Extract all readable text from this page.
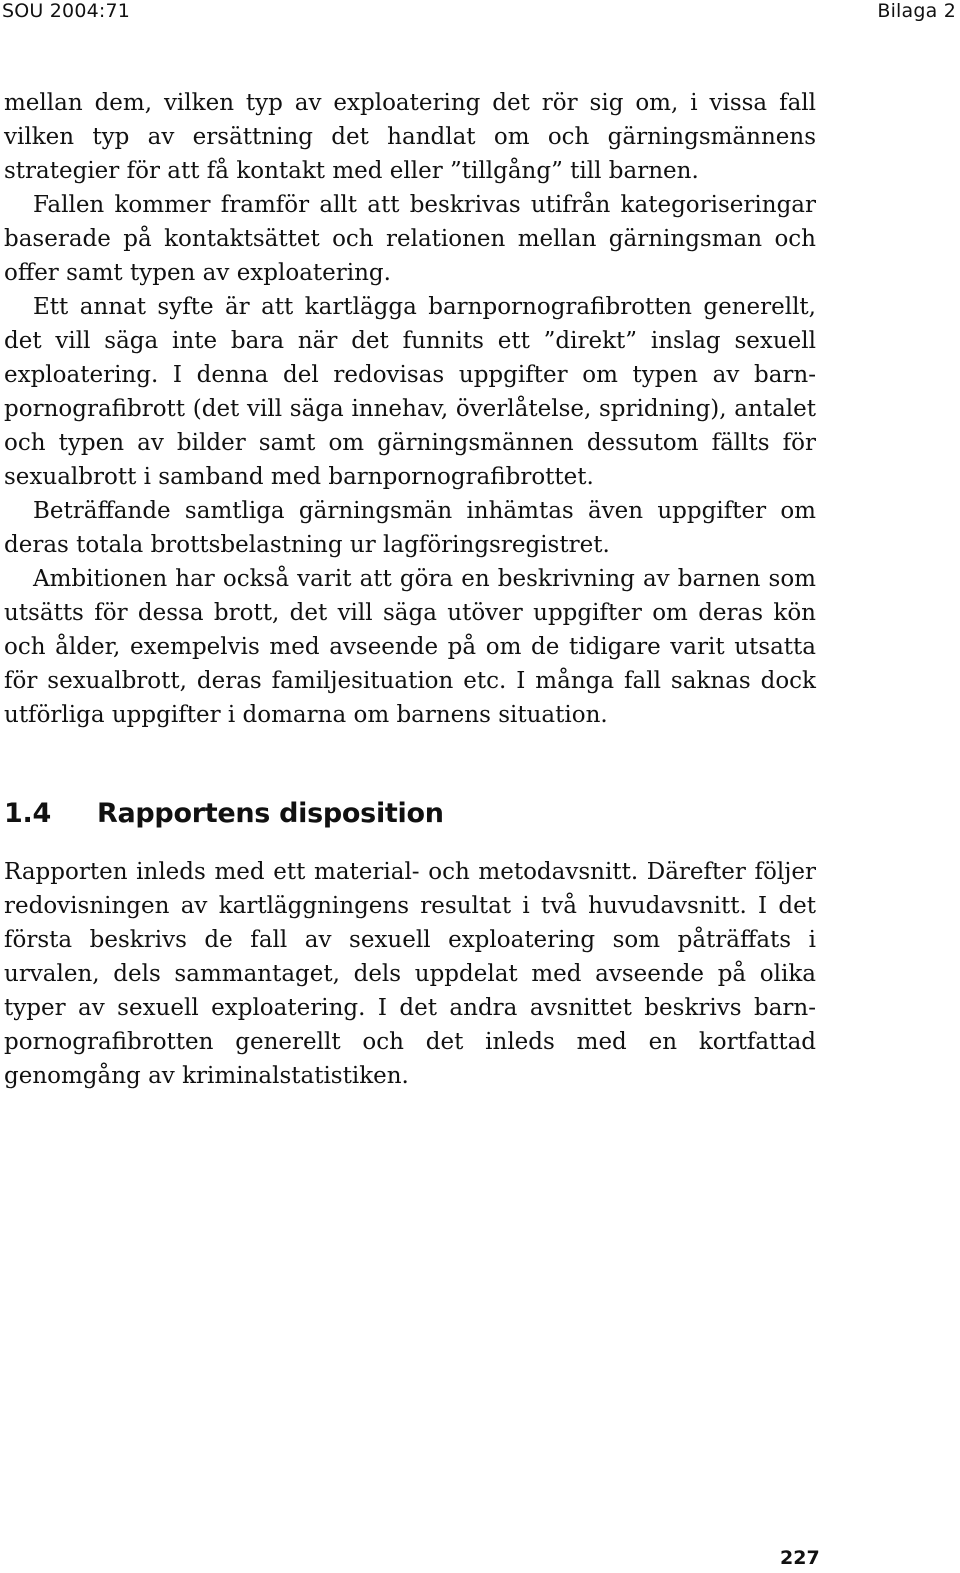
SOU 2004:71	Bilaga 2

mellan dem, vilken typ av exploatering det rör sig om, i vissa fall vilken typ av ersättning det handlat om och gärningsmännens strategier för att få kontakt med eller ”tillgång” till barnen.

Fallen kommer framför allt att beskrivas utifrån kategoriseringar baserade på kontaktsättet och relationen mellan gärningsman och offer samt typen av exploatering.

Ett annat syfte är att kartlägga barnpornografibrotten generellt, det vill säga inte bara när det funnits ett ”direkt” inslag sexuell exploatering. I denna del redovisas uppgifter om typen av barnpornografibrott (det vill säga innehav, överlåtelse, spridning), antalet och typen av bilder samt om gärningsmännen dessutom fällts för sexualbrott i samband med barnpornografibrottet.

Beträffande samtliga gärningsmän inhämtas även uppgifter om deras totala brottsbelastning ur lagföringsregistret.

Ambitionen har också varit att göra en beskrivning av barnen som utsätts för dessa brott, det vill säga utöver uppgifter om deras kön och ålder, exempelvis med avseende på om de tidigare varit utsatta för sexualbrott, deras familjesituation etc. I många fall saknas dock utförliga uppgifter i domarna om barnens situation.

1.4 Rapportens disposition

Rapporten inleds med ett material- och metodavsnitt. Därefter följer redovisningen av kartläggningens resultat i två huvudavsnitt. I det första beskrivs de fall av sexuell exploatering som påträffats i urvalen, dels sammantaget, dels uppdelat med avseende på olika typer av sexuell exploatering. I det andra avsnittet beskrivs barnpornografibrotten generellt och det inleds med en kortfattad genomgång av kriminalstatistiken.

227
